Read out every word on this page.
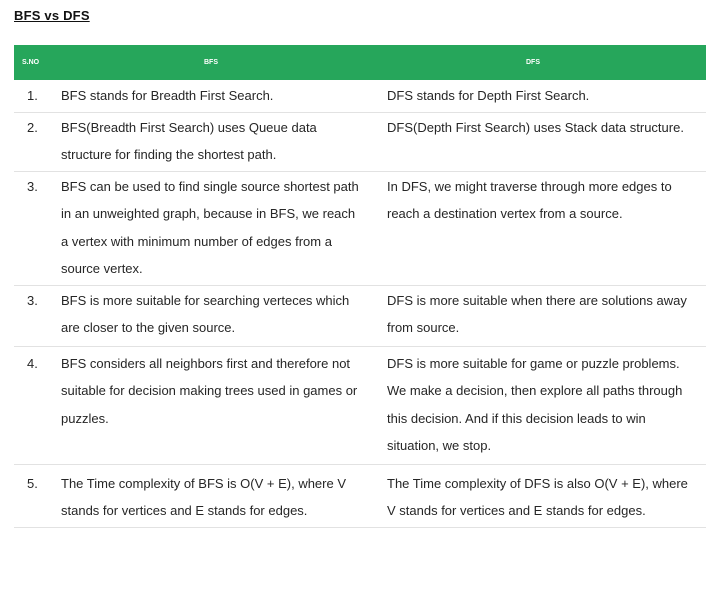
BFS vs DFS
S.NO	BFS	DFS
1.	BFS stands for Breadth First Search.	DFS stands for Depth First Search.
2.	BFS(Breadth First Search) uses Queue data structure for finding the shortest path.	DFS(Depth First Search) uses Stack data structure.
3.	BFS can be used to find single source shortest path in an unweighted graph, because in BFS, we reach a vertex with minimum number of edges from a source vertex.	In DFS, we might traverse through more edges to reach a destination vertex from a source.
3.	BFS is more suitable for searching verteces which are closer to the given source.	DFS is more suitable when there are solutions away from source.
4.	BFS considers all neighbors first and therefore not suitable for decision making trees used in games or puzzles.	DFS is more suitable for game or puzzle problems. We make a decision, then explore all paths through this decision. And if this decision leads to win situation, we stop.
5.	The Time complexity of BFS is O(V + E), where V stands for vertices and E stands for edges.	The Time complexity of DFS is also O(V + E), where V stands for vertices and E stands for edges.
